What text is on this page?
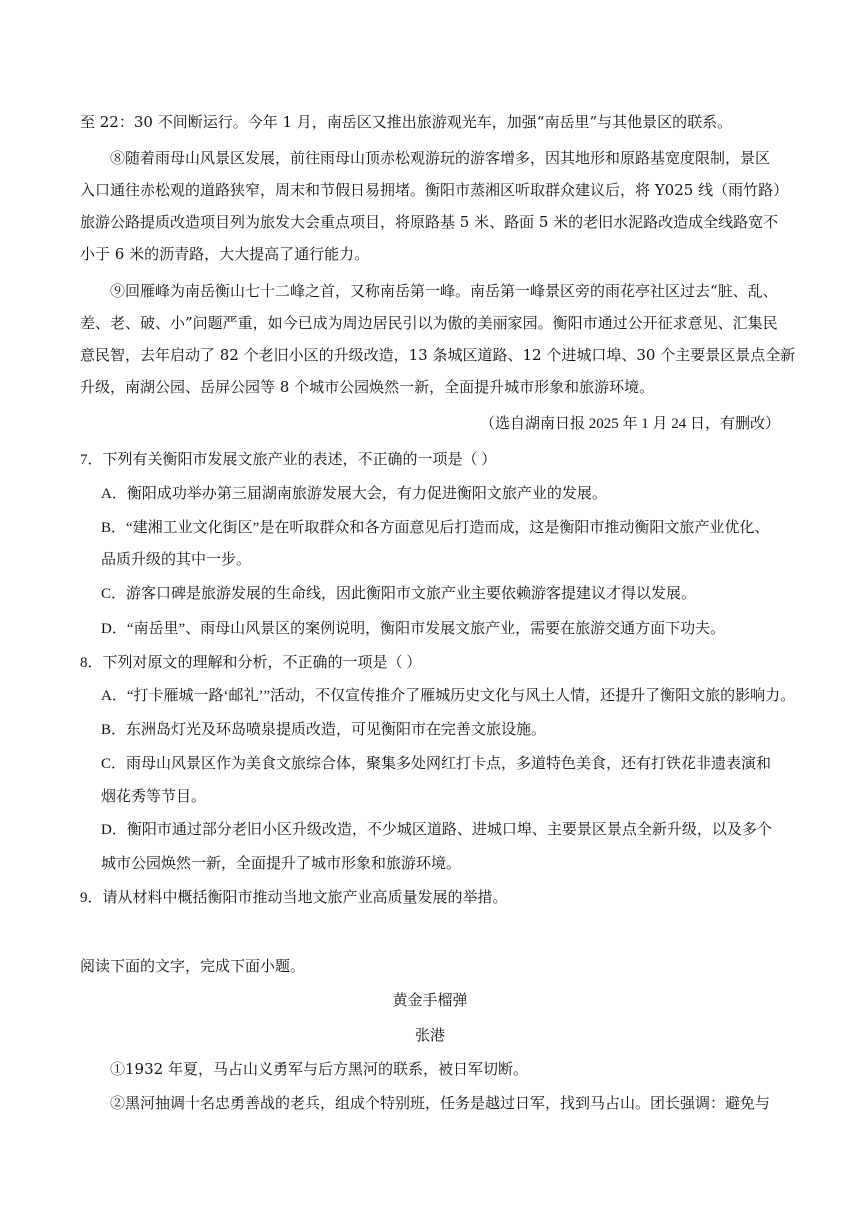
至 22：30 不间断运行。今年 1 月，南岳区又推出旅游观光车，加强“南岳里”与其他景区的联系。
⑧随着雨母山风景区发展，前往雨母山顶赤松观游玩的游客增多，因其地形和原路基宽度限制，景区
入口通往赤松观的道路狭窄，周末和节假日易拥堵。衡阳市蒸湘区听取群众建议后，将 Y025 线（雨竹路）
旅游公路提质改造项目列为旅发大会重点项目，将原路基 5 米、路面 5 米的老旧水泥路改造成全线路宽不
小于 6 米的沥青路，大大提高了通行能力。
⑨回雁峰为南岳衡山七十二峰之首，又称南岳第一峰。南岳第一峰景区旁的雨花亭社区过去“脏、乱、
差、老、破、小”问题严重，如今已成为周边居民引以为傲的美丽家园。衡阳市通过公开征求意见、汇集民
意民智，去年启动了 82 个老旧小区的升级改造，13 条城区道路、12 个进城口埠、30 个主要景区景点全新
升级，南湖公园、岳屏公园等 8 个城市公园焕然一新，全面提升城市形象和旅游环境。
（选自湖南日报 2025 年 1 月 24 日，有删改）
7．下列有关衡阳市发展文旅产业的表述，不正确的一项是（ ）
A．衡阳成功举办第三届湖南旅游发展大会，有力促进衡阳文旅产业的发展。
B．“建湘工业文化街区”是在听取群众和各方面意见后打造而成，这是衡阳市推动衡阳文旅产业优化、
品质升级的其中一步。
C．游客口碑是旅游发展的生命线，因此衡阳市文旅产业主要依赖游客提建议才得以发展。
D．“南岳里”、雨母山风景区的案例说明，衡阳市发展文旅产业，需要在旅游交通方面下功夫。
8．下列对原文的理解和分析，不正确的一项是（ ）
A．“打卡雁城一路‘邮礼’”活动，不仅宣传推介了雁城历史文化与风土人情，还提升了衡阳文旅的影响力。
B．东洲岛灯光及环岛喷泉提质改造，可见衡阳市在完善文旅设施。
C．雨母山风景区作为美食文旅综合体，聚集多处网红打卡点，多道特色美食，还有打铁花非遗表演和
烟花秀等节目。
D．衡阳市通过部分老旧小区升级改造，不少城区道路、进城口埠、主要景区景点全新升级，以及多个
城市公园焕然一新，全面提升了城市形象和旅游环境。
9．请从材料中概括衡阳市推动当地文旅产业高质量发展的举措。
阅读下面的文字，完成下面小题。
黄金手榴弹
张港
①1932 年夏，马占山义勇军与后方黑河的联系，被日军切断。
②黑河抽调十名忠勇善战的老兵，组成个特别班，任务是越过日军，找到马占山。团长强调：避免与
